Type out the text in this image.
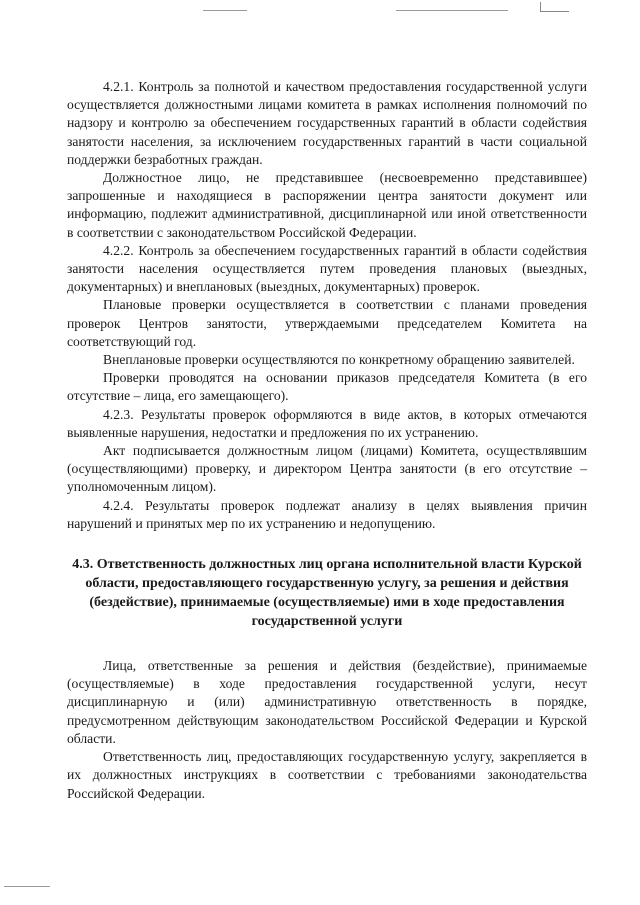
4.2.1. Контроль за полнотой и качеством предоставления государственной услуги осуществляется должностными лицами комитета в рамках исполнения полномочий по надзору и контролю за обеспечением государственных гарантий в области содействия занятости населения, за исключением государственных гарантий в части социальной поддержки безработных граждан.

Должностное лицо, не представившее (несвоевременно представившее) запрошенные и находящиеся в распоряжении центра занятости документ или информацию, подлежит административной, дисциплинарной или иной ответственности в соответствии с законодательством Российской Федерации.

4.2.2. Контроль за обеспечением государственных гарантий в области содействия занятости населения осуществляется путем проведения плановых (выездных, документарных) и внеплановых (выездных, документарных) проверок.

Плановые проверки осуществляется в соответствии с планами проведения проверок Центров занятости, утверждаемыми председателем Комитета на соответствующий год.

Внеплановые проверки осуществляются по конкретному обращению заявителей.

Проверки проводятся на основании приказов председателя Комитета (в его отсутствие – лица, его замещающего).

4.2.3. Результаты проверок оформляются в виде актов, в которых отмечаются выявленные нарушения, недостатки и предложения по их устранению.

Акт подписывается должностным лицом (лицами) Комитета, осуществлявшим (осуществляющими) проверку, и директором Центра занятости (в его отсутствие – уполномоченным лицом).

4.2.4. Результаты проверок подлежат анализу в целях выявления причин нарушений и принятых мер по их устранению и недопущению.

4.3. Ответственность должностных лиц органа исполнительной власти Курской области, предоставляющего государственную услугу, за решения и действия (бездействие), принимаемые (осуществляемые) ими в ходе предоставления государственной услуги

Лица, ответственные за решения и действия (бездействие), принимаемые (осуществляемые) в ходе предоставления государственной услуги, несут дисциплинарную и (или) административную ответственность в порядке, предусмотренном действующим законодательством Российской Федерации и Курской области.

Ответственность лиц, предоставляющих государственную услугу, закрепляется в их должностных инструкциях в соответствии с требованиями законодательства Российской Федерации.
